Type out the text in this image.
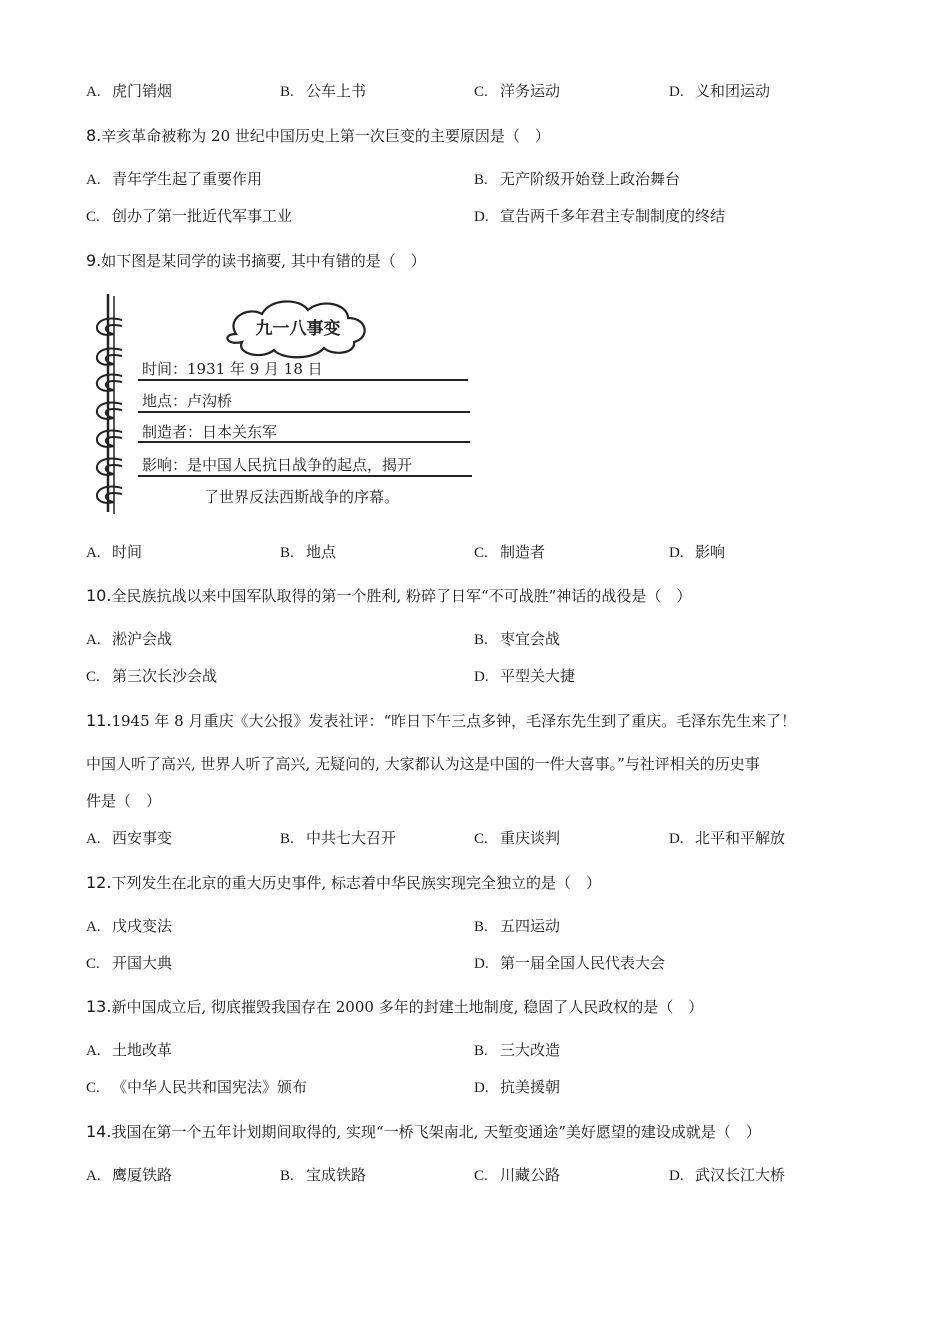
A. 虎门销烟	B. 公车上书	C. 洋务运动	D. 义和团运动
8.辛亥革命被称为 20 世纪中国历史上第一次巨变的主要原因是（　）
A. 青年学生起了重要作用	B. 无产阶级开始登上政治舞台
C. 创办了第一批近代军事工业	D. 宣告两千多年君主专制制度的终结
9.如下图是某同学的读书摘要, 其中有错的是（　）
九一八事变
时间：1931 年 9 月 18 日
地点：卢沟桥
制造者：日本关东军
影响：是中国人民抗日战争的起点，揭开
了世界反法西斯战争的序幕。
A. 时间	B. 地点	C. 制造者	D. 影响
10.全民族抗战以来中国军队取得的第一个胜利, 粉碎了日军“不可战胜”神话的战役是（　）
A. 淞沪会战	B. 枣宜会战
C. 第三次长沙会战	D. 平型关大捷
11.1945 年 8 月重庆《大公报》发表社评：“昨日下午三点多钟，毛泽东先生到了重庆。毛泽东先生来了！
中国人听了高兴, 世界人听了高兴, 无疑问的, 大家都认为这是中国的一件大喜事。”与社评相关的历史事
件是（　）
A. 西安事变	B. 中共七大召开	C. 重庆谈判	D. 北平和平解放
12.下列发生在北京的重大历史事件, 标志着中华民族实现完全独立的是（　）
A. 戊戌变法	B. 五四运动
C. 开国大典	D. 第一届全国人民代表大会
13.新中国成立后, 彻底摧毁我国存在 2000 多年的封建土地制度, 稳固了人民政权的是（　）
A. 土地改革	B. 三大改造
C. 《中华人民共和国宪法》颁布	D. 抗美援朝
14.我国在第一个五年计划期间取得的, 实现“一桥飞架南北, 天堑变通途”美好愿望的建设成就是（　）
A. 鹰厦铁路	B. 宝成铁路	C. 川藏公路	D. 武汉长江大桥
